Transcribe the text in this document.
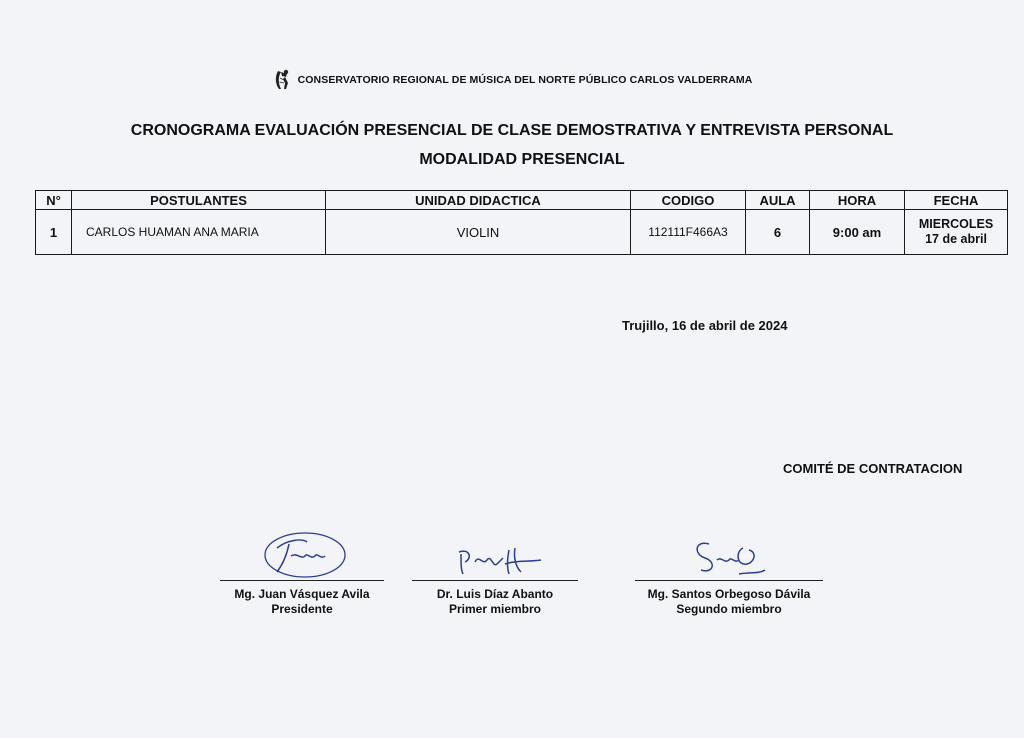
CONSERVATORIO REGIONAL DE MÚSICA DEL NORTE PÚBLICO CARLOS VALDERRAMA
CRONOGRAMA EVALUACIÓN PRESENCIAL DE CLASE DEMOSTRATIVA Y ENTREVISTA PERSONAL
MODALIDAD PRESENCIAL
N°	POSTULANTES	UNIDAD DIDACTICA	CODIGO	AULA	HORA	FECHA
1	CARLOS HUAMAN ANA MARIA	VIOLIN	112111F466A3	6	9:00 am	MIERCOLES
17 de abril
Trujillo, 16 de abril de 2024
COMITÉ DE CONTRATACION
Mg. Juan Vásquez Avila
Presidente
Dr. Luis Díaz Abanto
Primer miembro
Mg. Santos Orbegoso Dávila
Segundo miembro
